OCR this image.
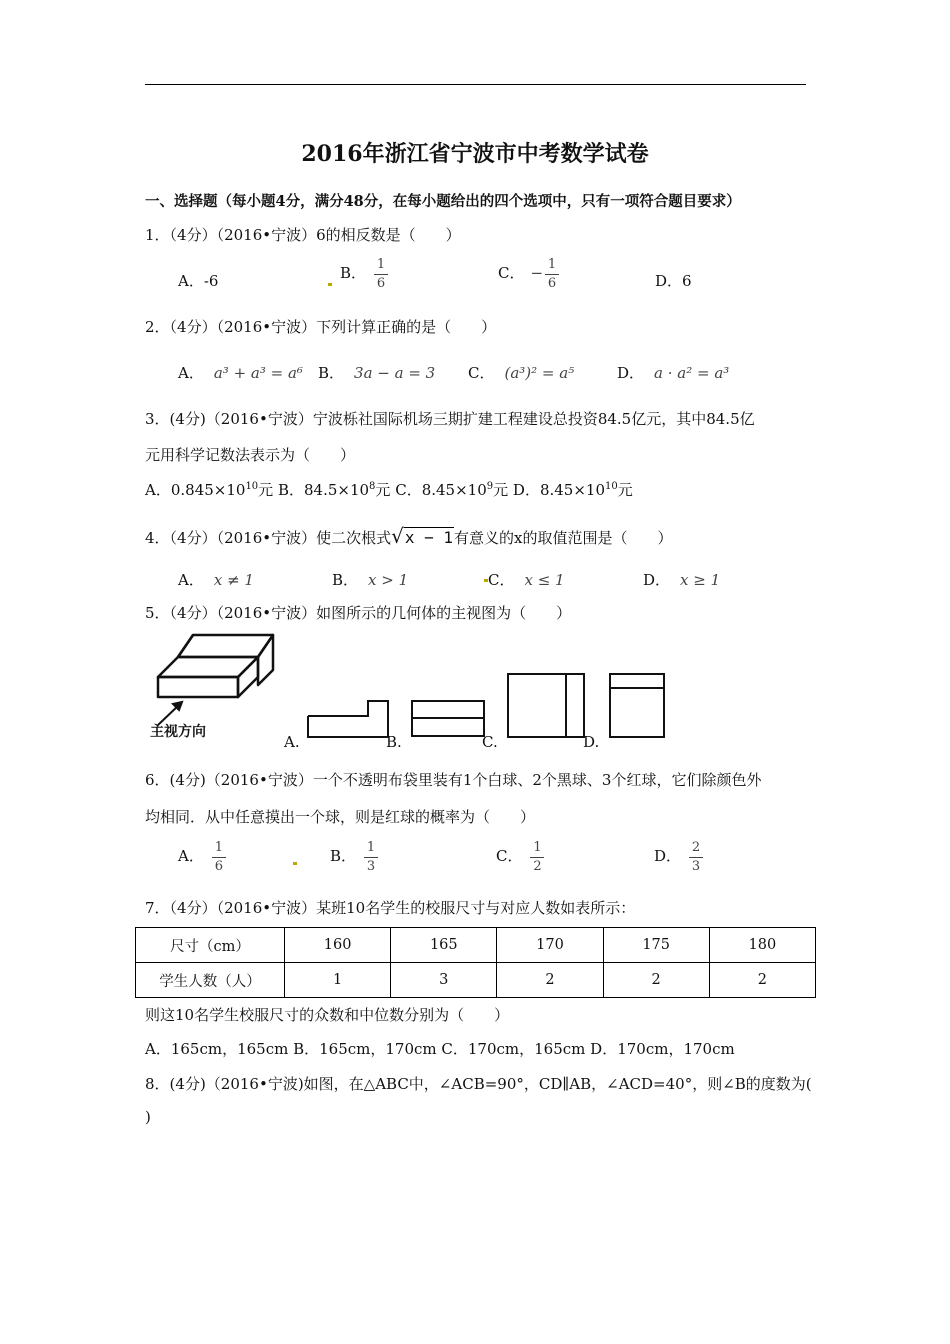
2016年浙江省宁波市中考数学试卷
一、选择题（每小题4分，满分48分，在每小题给出的四个选项中，只有一项符合题目要求）
1．（4分）（2016•宁波）6的相反数是（　　）
A．-6	B． $\frac{1}{6}$	C． − $\frac{1}{6}$	D．6
2．（4分）（2016•宁波）下列计算正确的是（　　）
A． a³ + a³ = a⁶ B． 3a − a = 3 C． (a³)² = a⁵	D． a · a² = a³
3．(4分)（2016•宁波）宁波栎社国际机场三期扩建工程建设总投资84.5亿元，其中84.5亿
元用科学记数法表示为（　　）
A．$0.845\times 10^{10}$元 B．$84.5\times 10^8$元 C．$8.45\times 10^9$元 D．$8.45\times 10^{10}$元
4．（4分）（2016•宁波）使二次根式√x − 1有意义的x的取值范围是（　　）
A． x ≠ 1	B． x > 1	C． x ≤ 1	D． x ≥ 1
5．（4分）（2016•宁波）如图所示的几何体的主视图为（　　）
主视方向
A.	B.	C.	D.
6．(4分)（2016•宁波）一个不透明布袋里装有1个白球、2个黑球、3个红球，它们除颜色外
均相同．从中任意摸出一个球，则是红球的概率为（　　）
A． $\frac{1}{6}$	B． $\frac{1}{3}$	C． $\frac{1}{2}$	D． $\frac{2}{3}$
7．（4分）（2016•宁波）某班10名学生的校服尺寸与对应人数如表所示：
尺寸（cm）	160	165	170	175	180
学生人数（人）	1	3	2	2	2
则这10名学生校服尺寸的众数和中位数分别为（　　）
A．165cm，165cm B．165cm，170cm C．170cm，165cm D．170cm，170cm
8．(4分)（2016•宁波)如图，在△ABC中，∠ACB=90°，CD∥AB，∠ACD=40°，则∠B的度数为(
)
